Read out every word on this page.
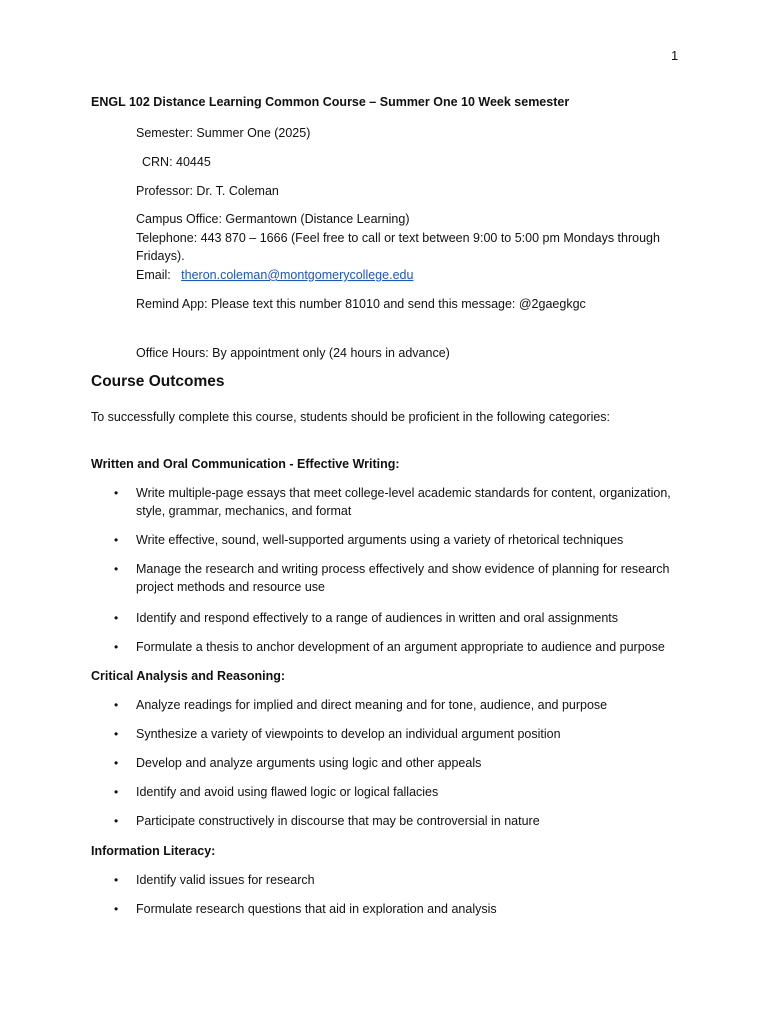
1
ENGL 102 Distance Learning Common Course – Summer One 10 Week semester
Semester: Summer One (2025)
CRN: 40445
Professor: Dr. T. Coleman
Campus Office: Germantown (Distance Learning)
Telephone: 443 870 – 1666 (Feel free to call or text between 9:00 to 5:00 pm Mondays through
Fridays).
Email: theron.coleman@montgomerycollege.edu
Remind App: Please text this number 81010 and send this message: @2gaegkgc
Office Hours: By appointment only (24 hours in advance)
Course Outcomes
To successfully complete this course, students should be proficient in the following categories:
Written and Oral Communication - Effective Writing:
• Write multiple-page essays that meet college-level academic standards for content, organization, style, grammar, mechanics, and format
• Write effective, sound, well-supported arguments using a variety of rhetorical techniques
• Manage the research and writing process effectively and show evidence of planning for research project methods and resource use
• Identify and respond effectively to a range of audiences in written and oral assignments
• Formulate a thesis to anchor development of an argument appropriate to audience and purpose
Critical Analysis and Reasoning:
• Analyze readings for implied and direct meaning and for tone, audience, and purpose
• Synthesize a variety of viewpoints to develop an individual argument position
• Develop and analyze arguments using logic and other appeals
• Identify and avoid using flawed logic or logical fallacies
• Participate constructively in discourse that may be controversial in nature
Information Literacy:
• Identify valid issues for research
• Formulate research questions that aid in exploration and analysis
